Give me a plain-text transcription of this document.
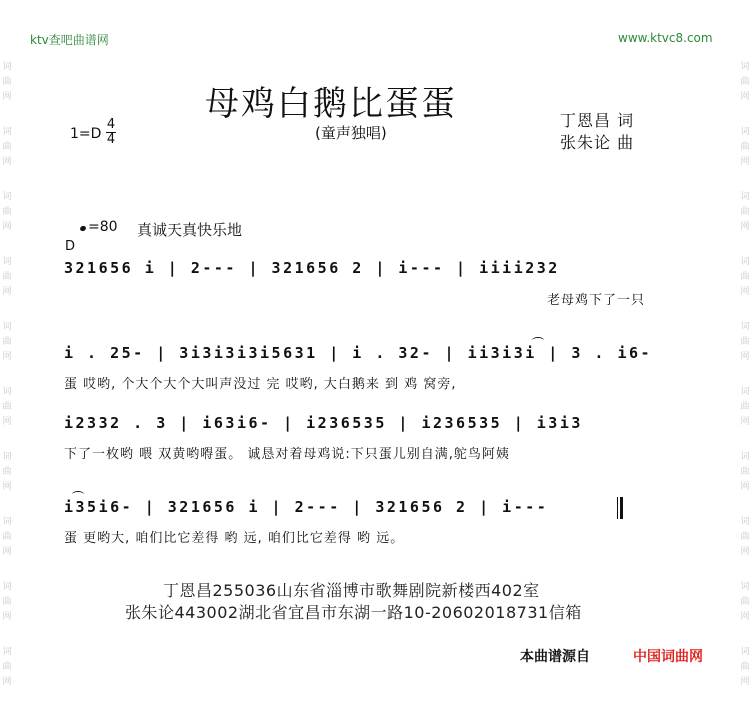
ktv查吧曲谱网	www.ktvc8.com
词
曲
网
词
曲
网
词
曲
网
词
曲
网
词
曲
网
词
曲
网
词
曲
网
词
曲
网
词
曲
网
词
曲
网
词
曲
网
词
曲
网
词
曲
网
词
曲
网
词
曲
网
词
曲
网
词
曲
网
词
曲
网
词
曲
网
词
曲
网
母鸡白鹅比蛋蛋
(童声独唱)
1=D
4
4
丁恩昌 词
张朱论 曲
=80 真诚天真快乐地
D
321656 i | 2--- | 321656 2 | i--- | iiii232
老母鸡下了一只
i . 25- | 3i3i3i3i5631 | i . 32- | ii3i3i | 3 . i6-
蛋 哎哟, 个大个大个大叫声没过 完 哎哟, 大白鹅来 到 鸡 窝旁,
i2332 . 3 | i63i6- | i236535 | i236535 | i3i3
下了一枚哟 喂 双黄哟嘚蛋。 诚恳对着母鸡说:下只蛋儿别自满,鸵鸟阿姨
i35i6- | 321656 i | 2--- | 321656 2 | i---
蛋 更哟大, 咱们比它差得 哟 远, 咱们比它差得 哟 远。
丁恩昌255036山东省淄博市歌舞剧院新楼西402室
张朱论443002湖北省宜昌市东湖一路10-20602018731信箱
本曲谱源自	中国词曲网
